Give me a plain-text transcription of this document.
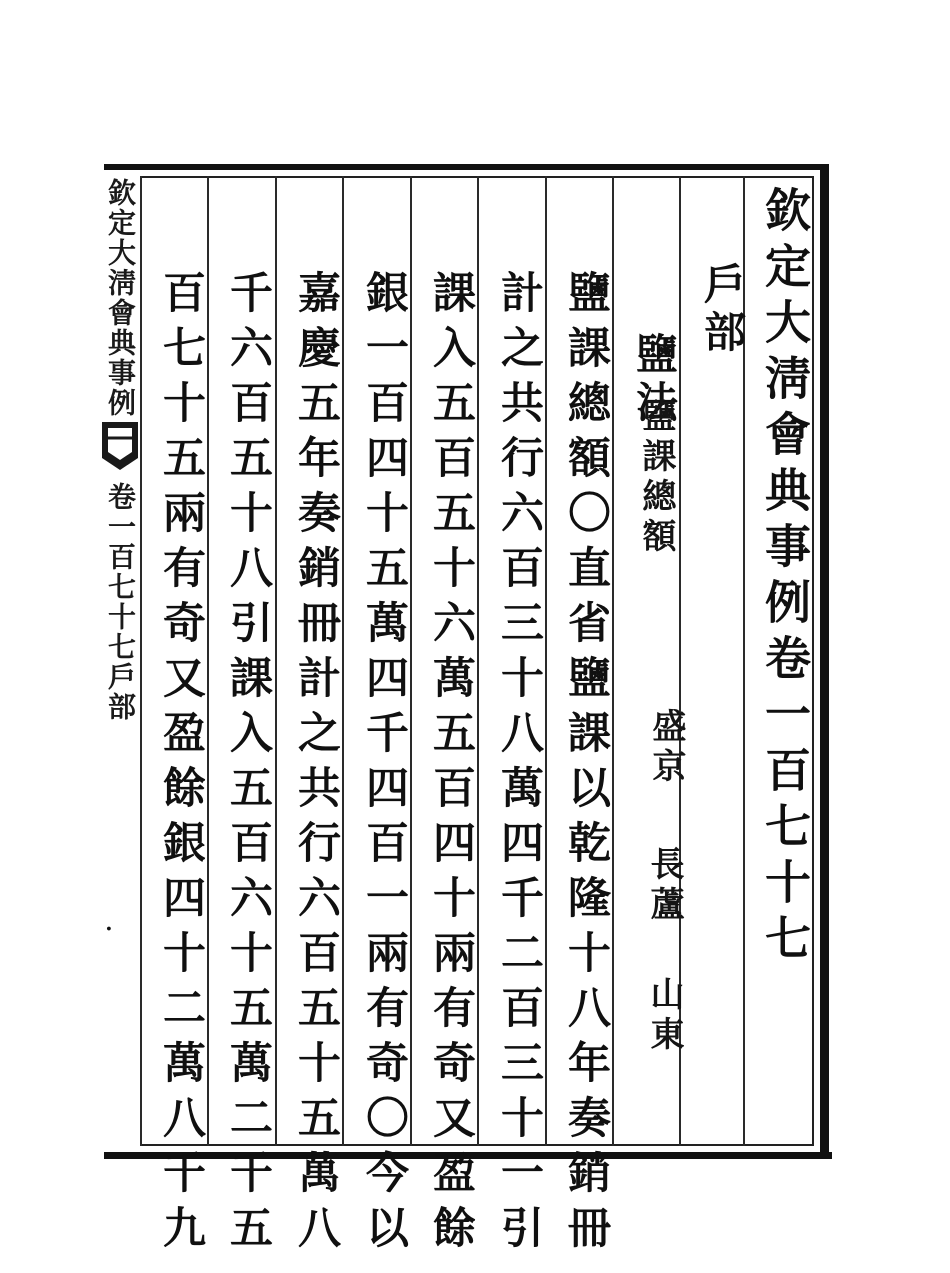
欽定大淸會典事例卷一百七十七
戶部
鹽法
鹽課總額
盛京
長蘆
山東
鹽課總額〇直省鹽課以乾隆十八年奏銷冊
計之共行六百三十八萬四千二百三十一引
課入五百五十六萬五百四十兩有奇又盈餘
銀一百四十五萬四千四百一兩有奇〇今以
嘉慶五年奏銷冊計之共行六百五十五萬八
千六百五十八引課入五百六十五萬二千五
百七十五兩有奇又盈餘銀四十二萬八千九
欽定大淸會典事例卷一百七十七戶部
⠂
